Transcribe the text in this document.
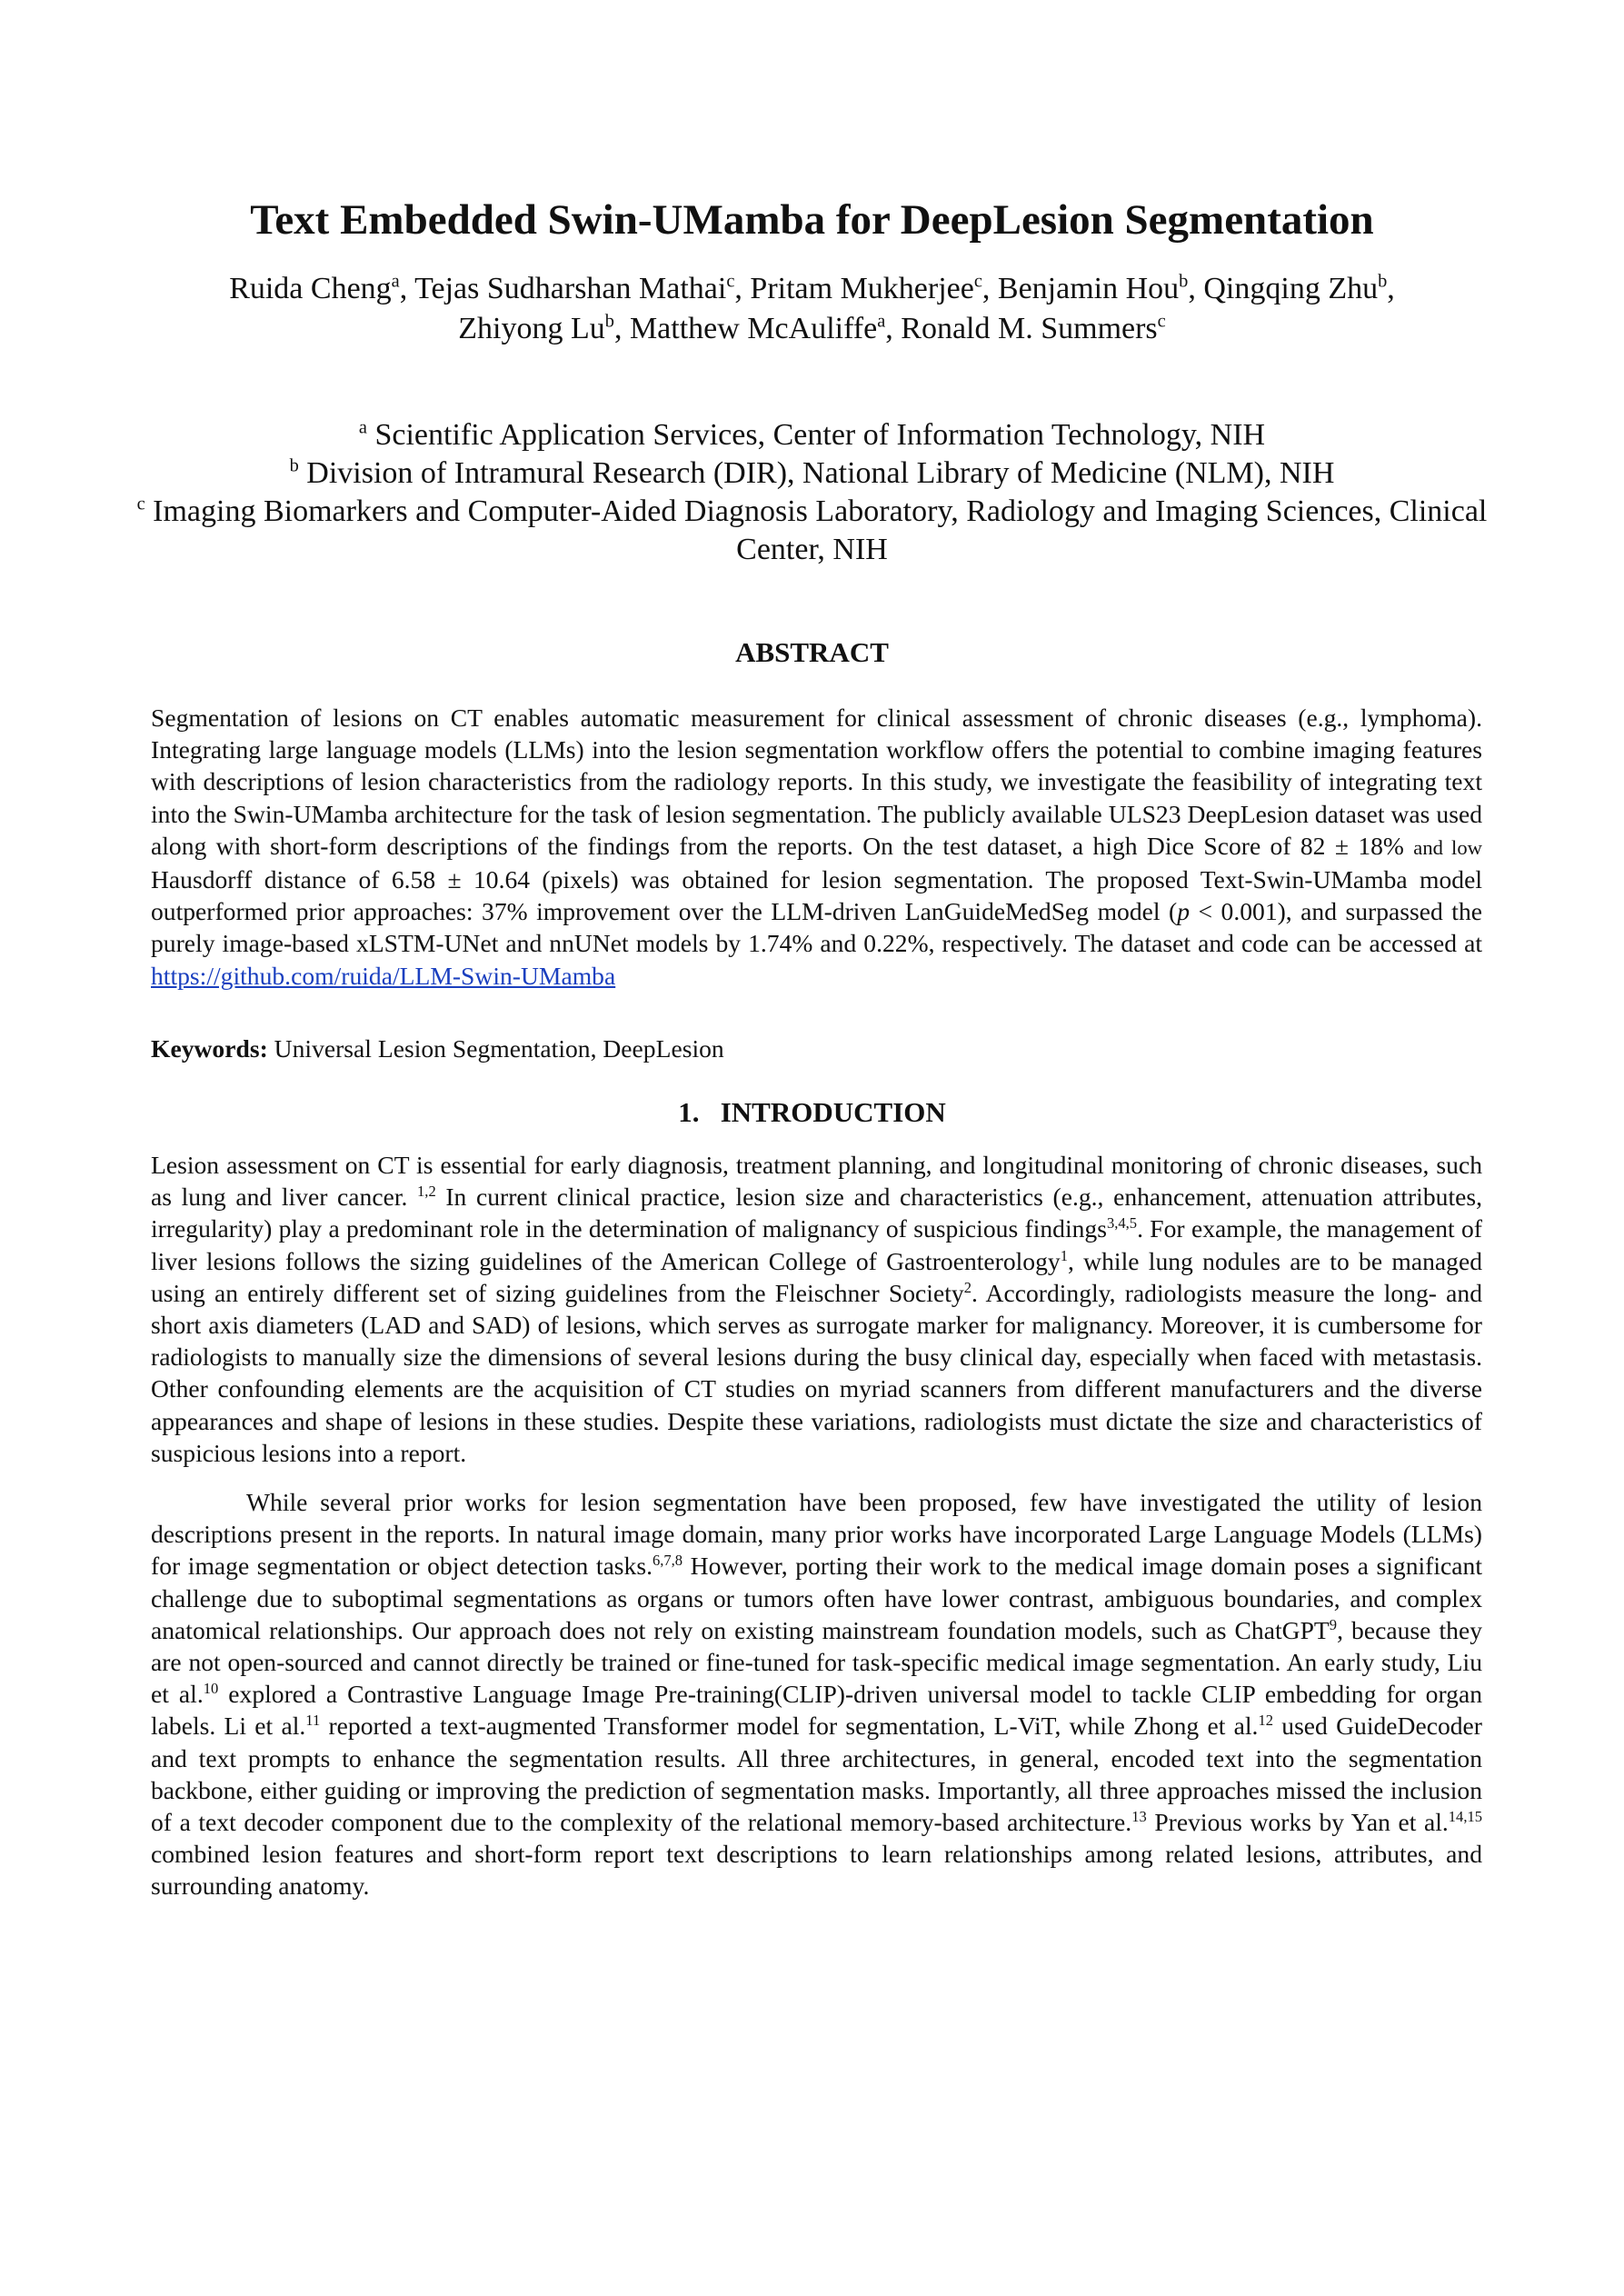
Text Embedded Swin-UMamba for DeepLesion Segmentation
Ruida Cheng$^a$, Tejas Sudharshan Mathai$^c$, Pritam Mukherjee$^c$, Benjamin Hou$^b$, Qingqing Zhu$^b$,
Zhiyong Lu$^b$, Matthew McAuliffe$^a$, Ronald M. Summers$^c$
$^a$ Scientific Application Services, Center of Information Technology, NIH
$^b$ Division of Intramural Research (DIR), National Library of Medicine (NLM), NIH
$^c$ Imaging Biomarkers and Computer-Aided Diagnosis Laboratory, Radiology and Imaging Sciences, Clinical Center, NIH
ABSTRACT

Segmentation of lesions on CT enables automatic measurement for clinical assessment of chronic diseases (e.g., lymphoma). Integrating large language models (LLMs) into the lesion segmentation workflow offers the potential to combine imaging features with descriptions of lesion characteristics from the radiology reports. In this study, we investigate the feasibility of integrating text into the Swin-UMamba architecture for the task of lesion segmentation. The publicly available ULS23 DeepLesion dataset was used along with short-form descriptions of the findings from the reports. On the test dataset, a high Dice Score of 82 ± 18% and low Hausdorff distance of 6.58 ± 10.64 (pixels) was obtained for lesion segmentation. The proposed Text-Swin-UMamba model outperformed prior approaches: 37% improvement over the LLM-driven LanGuideMedSeg model (p < 0.001), and surpassed the purely image-based xLSTM-UNet and nnUNet models by 1.74% and 0.22%, respectively. The dataset and code can be accessed at https://github.com/ruida/LLM-Swin-UMamba

Keywords: Universal Lesion Segmentation, DeepLesion
1.   INTRODUCTION

Lesion assessment on CT is essential for early diagnosis, treatment planning, and longitudinal monitoring of chronic diseases, such as lung and liver cancer. $^{1,2}$ In current clinical practice, lesion size and characteristics (e.g., enhancement, attenuation attributes, irregularity) play a predominant role in the determination of malignancy of suspicious findings$^{3,4,5}$. For example, the management of liver lesions follows the sizing guidelines of the American College of Gastroenterology$^1$, while lung nodules are to be managed using an entirely different set of sizing guidelines from the Fleischner Society$^2$. Accordingly, radiologists measure the long- and short axis diameters (LAD and SAD) of lesions, which serves as surrogate marker for malignancy. Moreover, it is cumbersome for radiologists to manually size the dimensions of several lesions during the busy clinical day, especially when faced with metastasis. Other confounding elements are the acquisition of CT studies on myriad scanners from different manufacturers and the diverse appearances and shape of lesions in these studies. Despite these variations, radiologists must dictate the size and characteristics of suspicious lesions into a report.

While several prior works for lesion segmentation have been proposed, few have investigated the utility of lesion descriptions present in the reports. In natural image domain, many prior works have incorporated Large Language Models (LLMs) for image segmentation or object detection tasks.$^{6,7,8}$ However, porting their work to the medical image domain poses a significant challenge due to suboptimal segmentations as organs or tumors often have lower contrast, ambiguous boundaries, and complex anatomical relationships. Our approach does not rely on existing mainstream foundation models, such as ChatGPT$^9$, because they are not open-sourced and cannot directly be trained or fine-tuned for task-specific medical image segmentation. An early study, Liu et al.$^{10}$ explored a Contrastive Language Image Pre-training(CLIP)-driven universal model to tackle CLIP embedding for organ labels. Li et al.$^{11}$ reported a text-augmented Transformer model for segmentation, L-ViT, while Zhong et al.$^{12}$ used GuideDecoder and text prompts to enhance the segmentation results. All three architectures, in general, encoded text into the segmentation backbone, either guiding or improving the prediction of segmentation masks. Importantly, all three approaches missed the inclusion of a text decoder component due to the complexity of the relational memory-based architecture.$^{13}$ Previous works by Yan et al.$^{14,15}$ combined lesion features and short-form report text descriptions to learn relationships among related lesions, attributes, and surrounding anatomy.
